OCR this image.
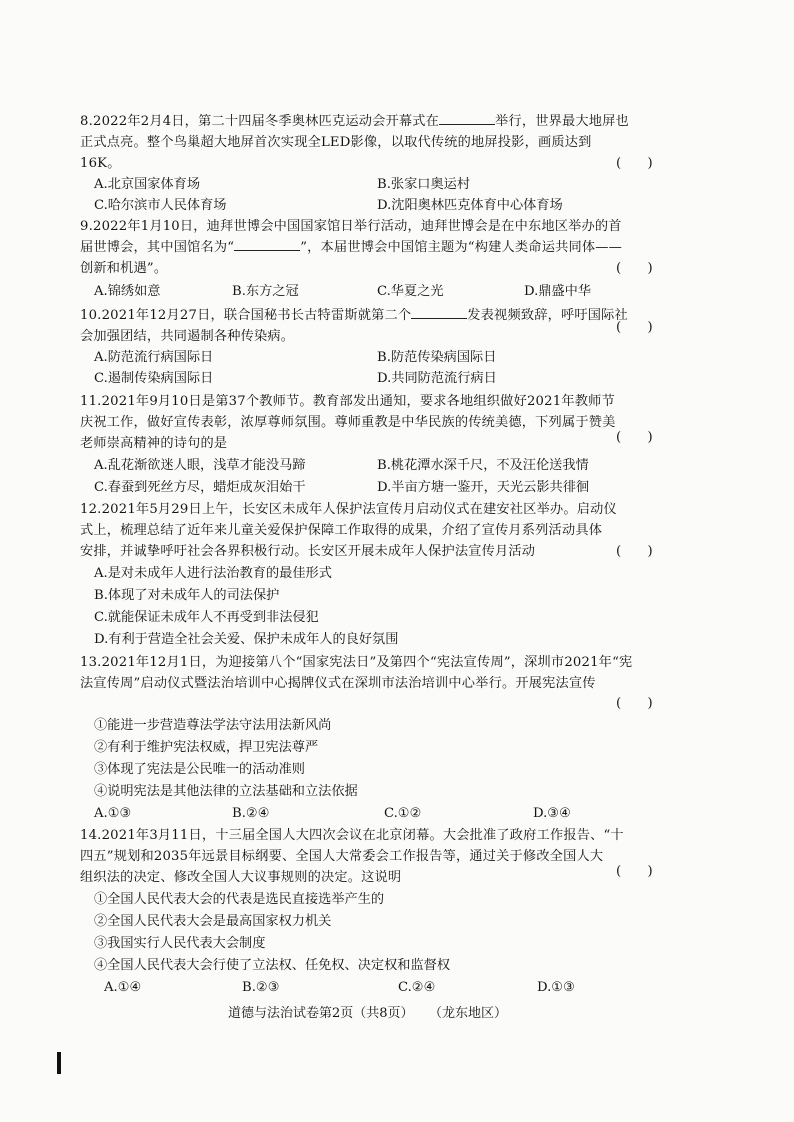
8.2022年2月4日，第二十四届冬季奥林匹克运动会开幕式在	举行，世界最大地屏也
正式点亮。整个鸟巢超大地屏首次实现全LED影像，以取代传统的地屏投影，画质达到
16K。	(　　)
A.北京国家体育场	B.张家口奥运村
C.哈尔滨市人民体育场	D.沈阳奥林匹克体育中心体育场
9.2022年1月10日，迪拜世博会中国国家馆日举行活动，迪拜世博会是在中东地区举办的首
届世博会，其中国馆名为“	”，本届世博会中国馆主题为“构建人类命运共同体——
创新和机遇”。	(　　)
A.锦绣如意	B.东方之冠	C.华夏之光	D.鼎盛中华
10.2021年12月27日，联合国秘书长古特雷斯就第二个	发表视频致辞，呼吁国际社
会加强团结，共同遏制各种传染病。
(　　)
A.防范流行病国际日	B.防范传染病国际日
C.遏制传染病国际日	D.共同防范流行病日
11.2021年9月10日是第37个教师节。教育部发出通知，要求各地组织做好2021年教师节
庆祝工作，做好宣传表彰，浓厚尊师氛围。尊师重教是中华民族的传统美德，下列属于赞美
老师崇高精神的诗句的是	(　　)
A.乱花渐欲迷人眼，浅草才能没马蹄	B.桃花潭水深千尺，不及汪伦送我情
C.春蚕到死丝方尽，蜡炬成灰泪始干	D.半亩方塘一鉴开，天光云影共徘徊
12.2021年5月29日上午，长安区未成年人保护法宣传月启动仪式在建安社区举办。启动仪
式上，梳理总结了近年来儿童关爱保护保障工作取得的成果，介绍了宣传月系列活动具体
安排，并诚挚呼吁社会各界积极行动。长安区开展未成年人保护法宣传月活动	(　　)
A.是对未成年人进行法治教育的最佳形式
B.体现了对未成年人的司法保护
C.就能保证未成年人不再受到非法侵犯
D.有利于营造全社会关爱、保护未成年人的良好氛围
13.2021年12月1日，为迎接第八个“国家宪法日”及第四个“宪法宣传周”，深圳市2021年“宪
法宣传周”启动仪式暨法治培训中心揭牌仪式在深圳市法治培训中心举行。开展宪法宣传
(　　)
①能进一步营造尊法学法守法用法新风尚
②有利于维护宪法权威，捍卫宪法尊严
③体现了宪法是公民唯一的活动准则
④说明宪法是其他法律的立法基础和立法依据
A.①③	B.②④	C.①②	D.③④
14.2021年3月11日，十三届全国人大四次会议在北京闭幕。大会批准了政府工作报告、“十
四五”规划和2035年远景目标纲要、全国人大常委会工作报告等，通过关于修改全国人大
组织法的决定、修改全国人大议事规则的决定。这说明	(　　)
①全国人民代表大会的代表是选民直接选举产生的
②全国人民代表大会是最高国家权力机关
③我国实行人民代表大会制度
④全国人民代表大会行使了立法权、任免权、决定权和监督权
A.①④	B.②③	C.②④	D.①③
道德与法治试卷第2页（共8页） （龙东地区）
